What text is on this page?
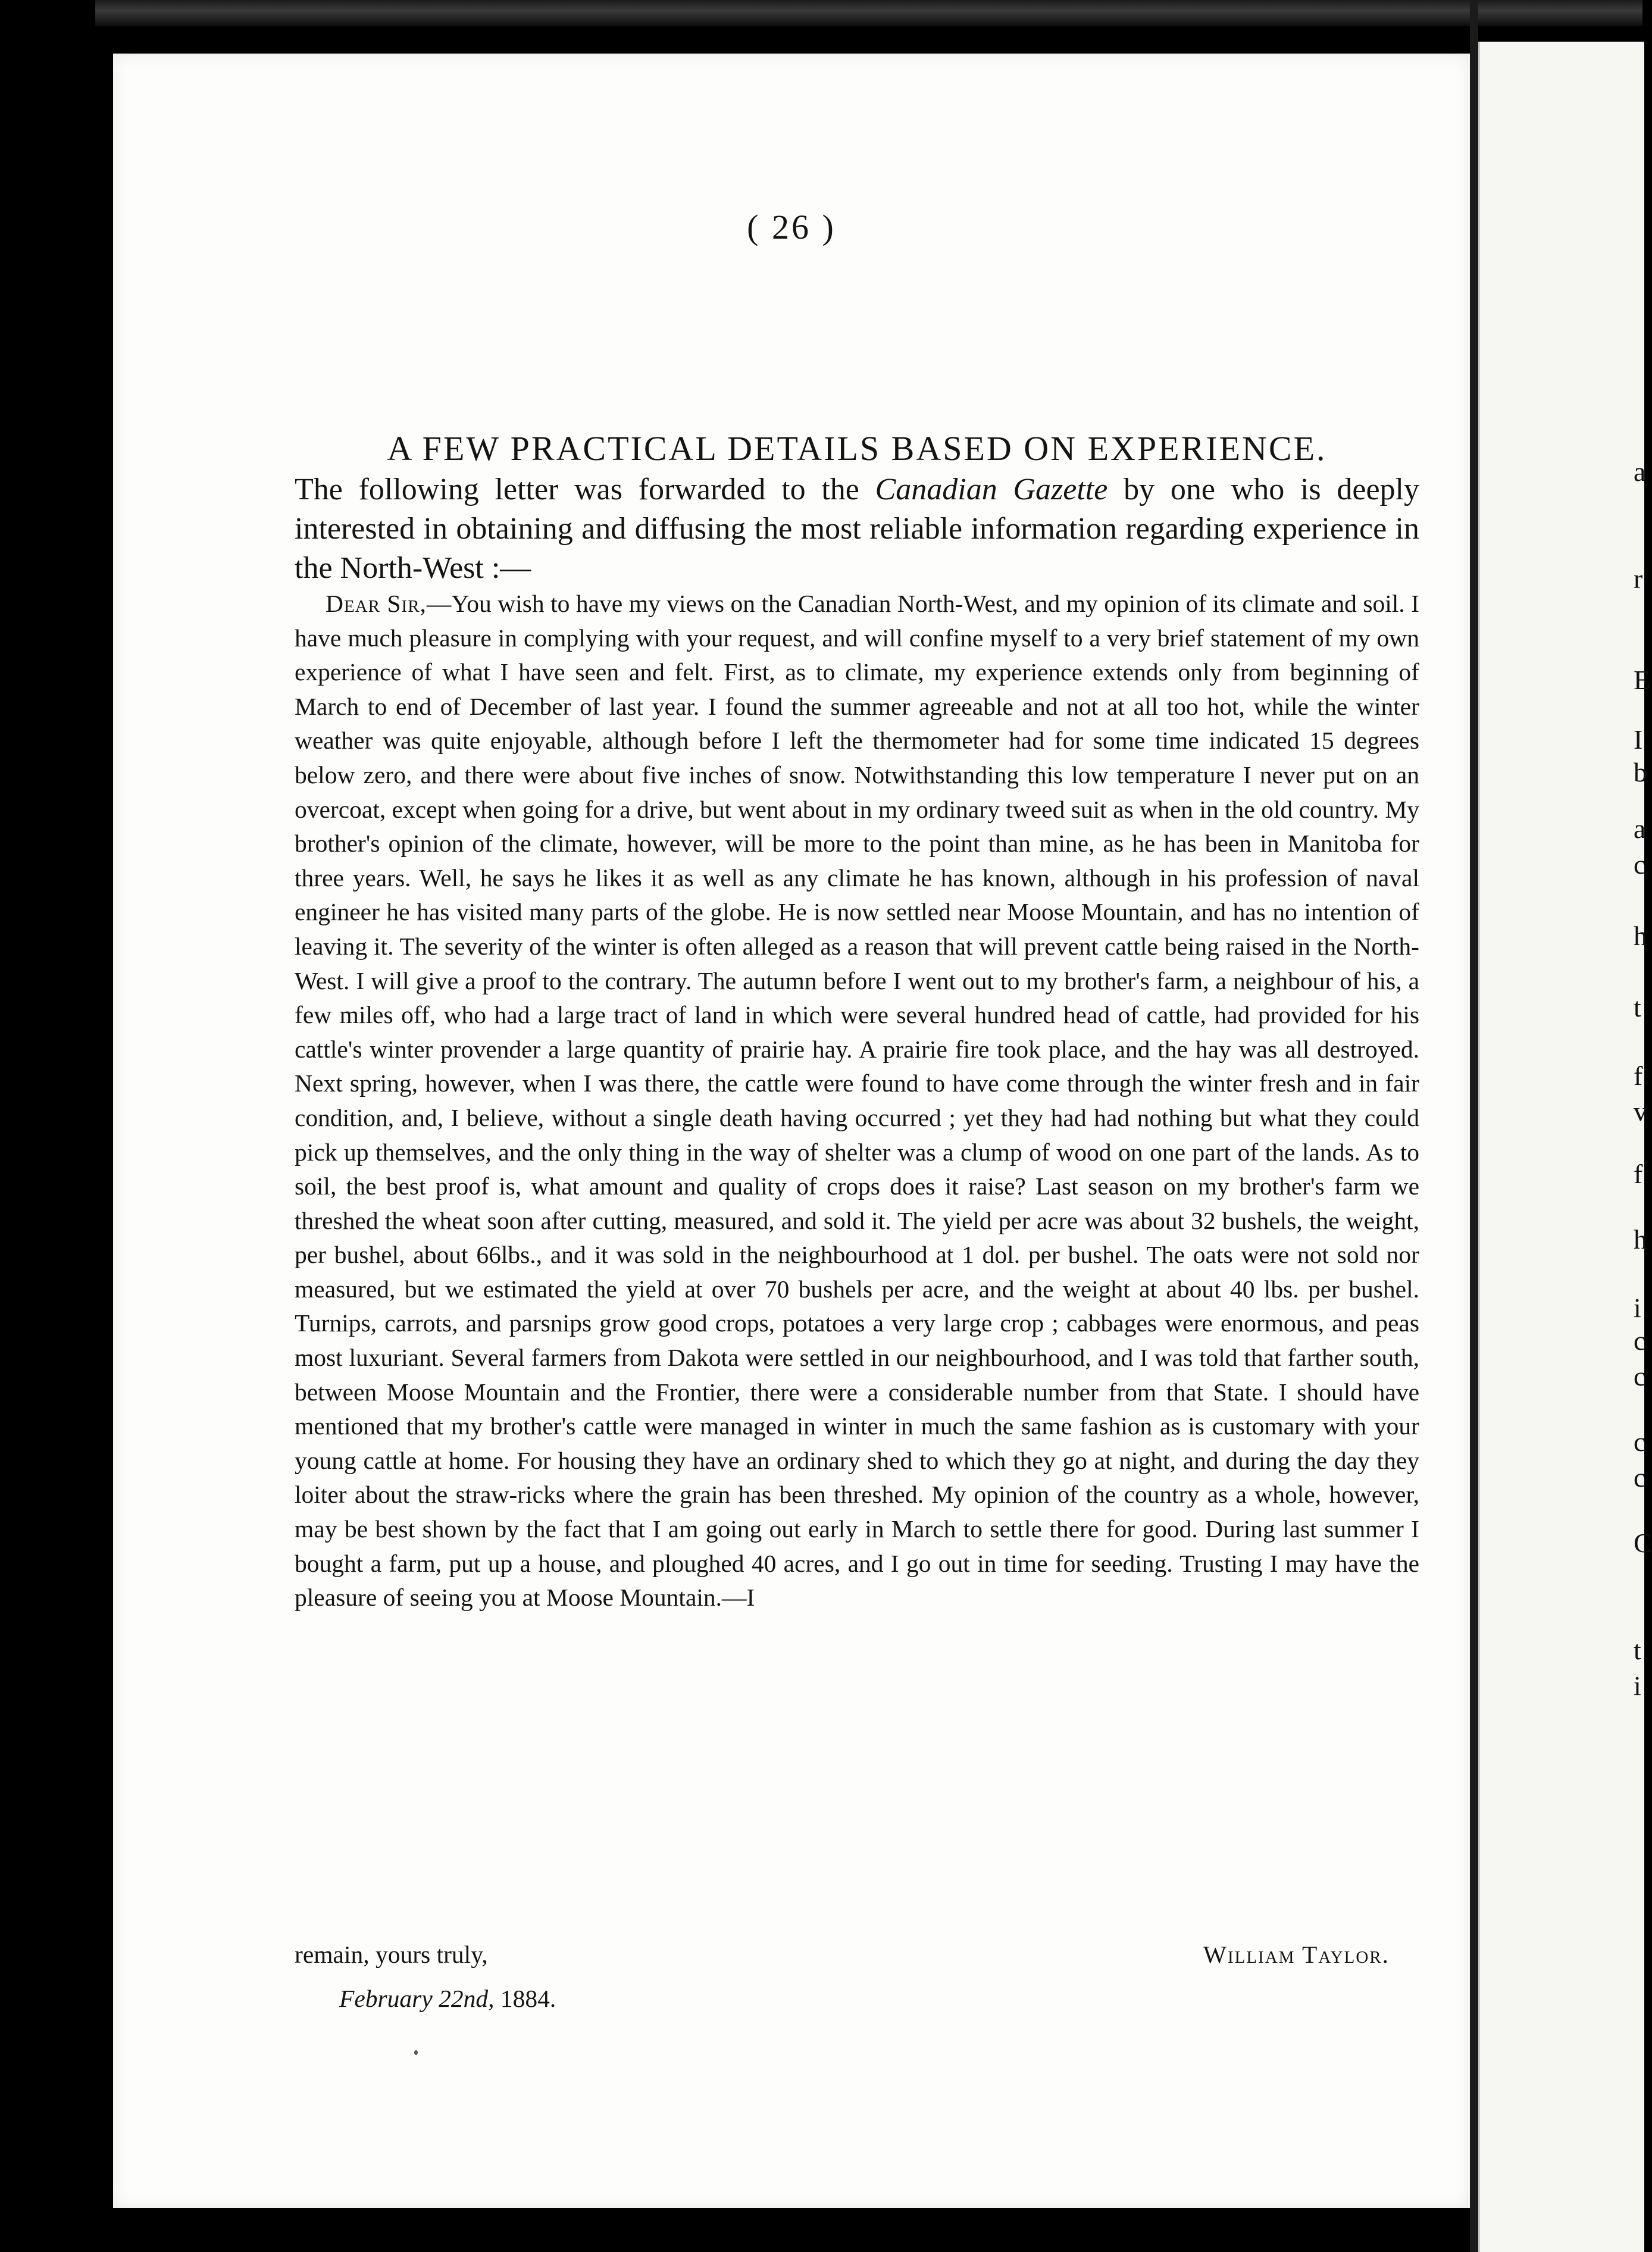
( 26 )
A FEW PRACTICAL DETAILS BASED ON EXPERIENCE.
The following letter was forwarded to the Canadian Gazette by one who is deeply interested in obtaining and diffusing the most reliable information regarding experience in the North-West :—

Dear Sir,—You wish to have my views on the Canadian North-West, and my opinion of its climate and soil. I have much pleasure in complying with your request, and will confine myself to a very brief statement of my own experience of what I have seen and felt. First, as to climate, my experience extends only from beginning of March to end of December of last year. I found the summer agreeable and not at all too hot, while the winter weather was quite enjoyable, although before I left the thermometer had for some time indicated 15 degrees below zero, and there were about five inches of snow. Notwithstanding this low temperature I never put on an overcoat, except when going for a drive, but went about in my ordinary tweed suit as when in the old country. My brother's opinion of the climate, however, will be more to the point than mine, as he has been in Manitoba for three years. Well, he says he likes it as well as any climate he has known, although in his profession of naval engineer he has visited many parts of the globe. He is now settled near Moose Mountain, and has no intention of leaving it. The severity of the winter is often alleged as a reason that will prevent cattle being raised in the North-West. I will give a proof to the contrary. The autumn before I went out to my brother's farm, a neighbour of his, a few miles off, who had a large tract of land in which were several hundred head of cattle, had provided for his cattle's winter provender a large quantity of prairie hay. A prairie fire took place, and the hay was all destroyed. Next spring, however, when I was there, the cattle were found to have come through the winter fresh and in fair condition, and, I believe, without a single death having occurred ; yet they had had nothing but what they could pick up themselves, and the only thing in the way of shelter was a clump of wood on one part of the lands. As to soil, the best proof is, what amount and quality of crops does it raise? Last season on my brother's farm we threshed the wheat soon after cutting, measured, and sold it. The yield per acre was about 32 bushels, the weight, per bushel, about 66lbs., and it was sold in the neighbourhood at 1 dol. per bushel. The oats were not sold nor measured, but we estimated the yield at over 70 bushels per acre, and the weight at about 40 lbs. per bushel. Turnips, carrots, and parsnips grow good crops, potatoes a very large crop ; cabbages were enormous, and peas most luxuriant. Several farmers from Dakota were settled in our neighbourhood, and I was told that farther south, between Moose Mountain and the Frontier, there were a considerable number from that State. I should have mentioned that my brother's cattle were managed in winter in much the same fashion as is customary with your young cattle at home. For housing they have an ordinary shed to which they go at night, and during the day they loiter about the straw-ricks where the grain has been threshed. My opinion of the country as a whole, however, may be best shown by the fact that I am going out early in March to settle there for good. During last summer I bought a farm, put up a house, and ploughed 40 acres, and I go out in time for seeding. Trusting I may have the pleasure of seeing you at Moose Mountain.—I

remain, yours truly,	William Taylor.
February 22nd, 1884.
a
r
E
I
b
a
c
h
t
f
v
f
h
i
c
c
c
c
C
t
i
